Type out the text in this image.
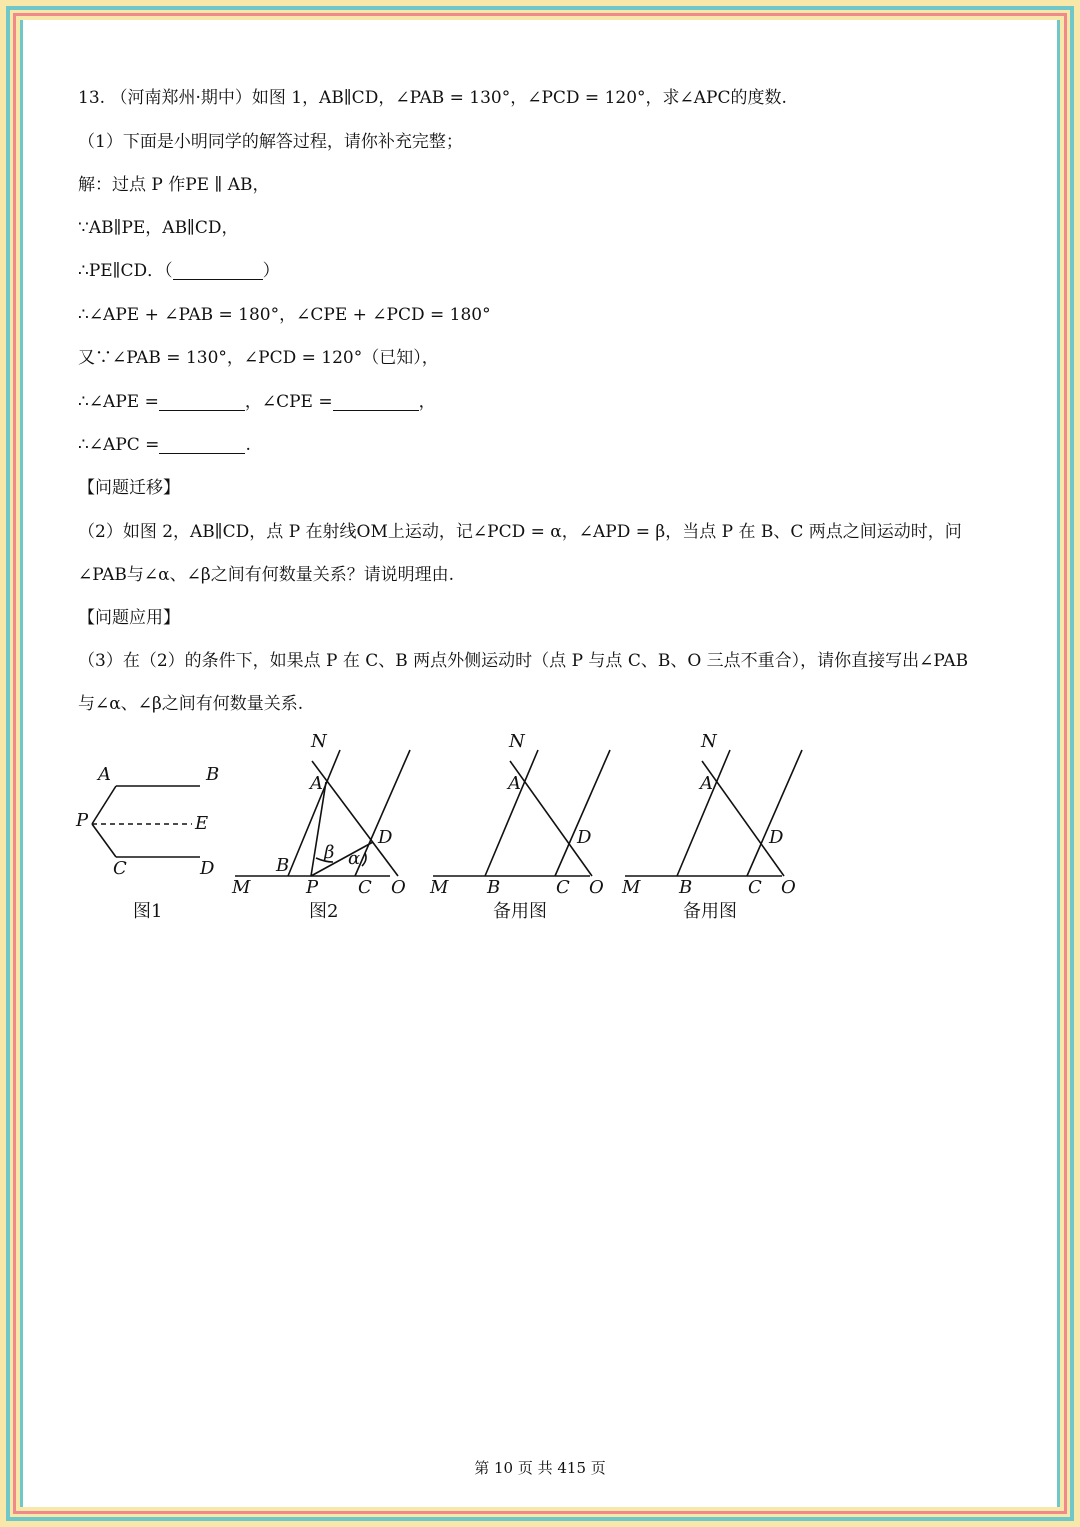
13. （河南郑州·期中）如图 1，AB∥CD，∠PAB = 130°，∠PCD = 120°，求∠APC的度数.
（1）下面是小明同学的解答过程，请你补充完整；
解：过点 P 作PE ∥ AB，
∵AB∥PE，AB∥CD，
∴PE∥CD．（	）
∴∠APE + ∠PAB = 180°，∠CPE + ∠PCD = 180°
又∵∠PAB = 130°，∠PCD = 120°（已知），
∴∠APE =	，∠CPE =	，
∴∠APC =	.
【问题迁移】
（2）如图 2，AB∥CD，点 P 在射线OM上运动，记∠PCD = α，∠APD = β，当点 P 在 B、C 两点之间运动时，问
∠PAB与∠α、∠β之间有何数量关系？请说明理由.
【问题应用】
（3）在（2）的条件下，如果点 P 在 C、B 两点外侧运动时（点 P 与点 C、B、O 三点不重合），请你直接写出∠PAB
与∠α、∠β之间有何数量关系.
A	B
P	E
C	D
N
A
D
B
P C O
M
β α
N
A
D
M B	C O
N
A
D
M B	C O
图1	图2	备用图	备用图
第 10 页 共 415 页
